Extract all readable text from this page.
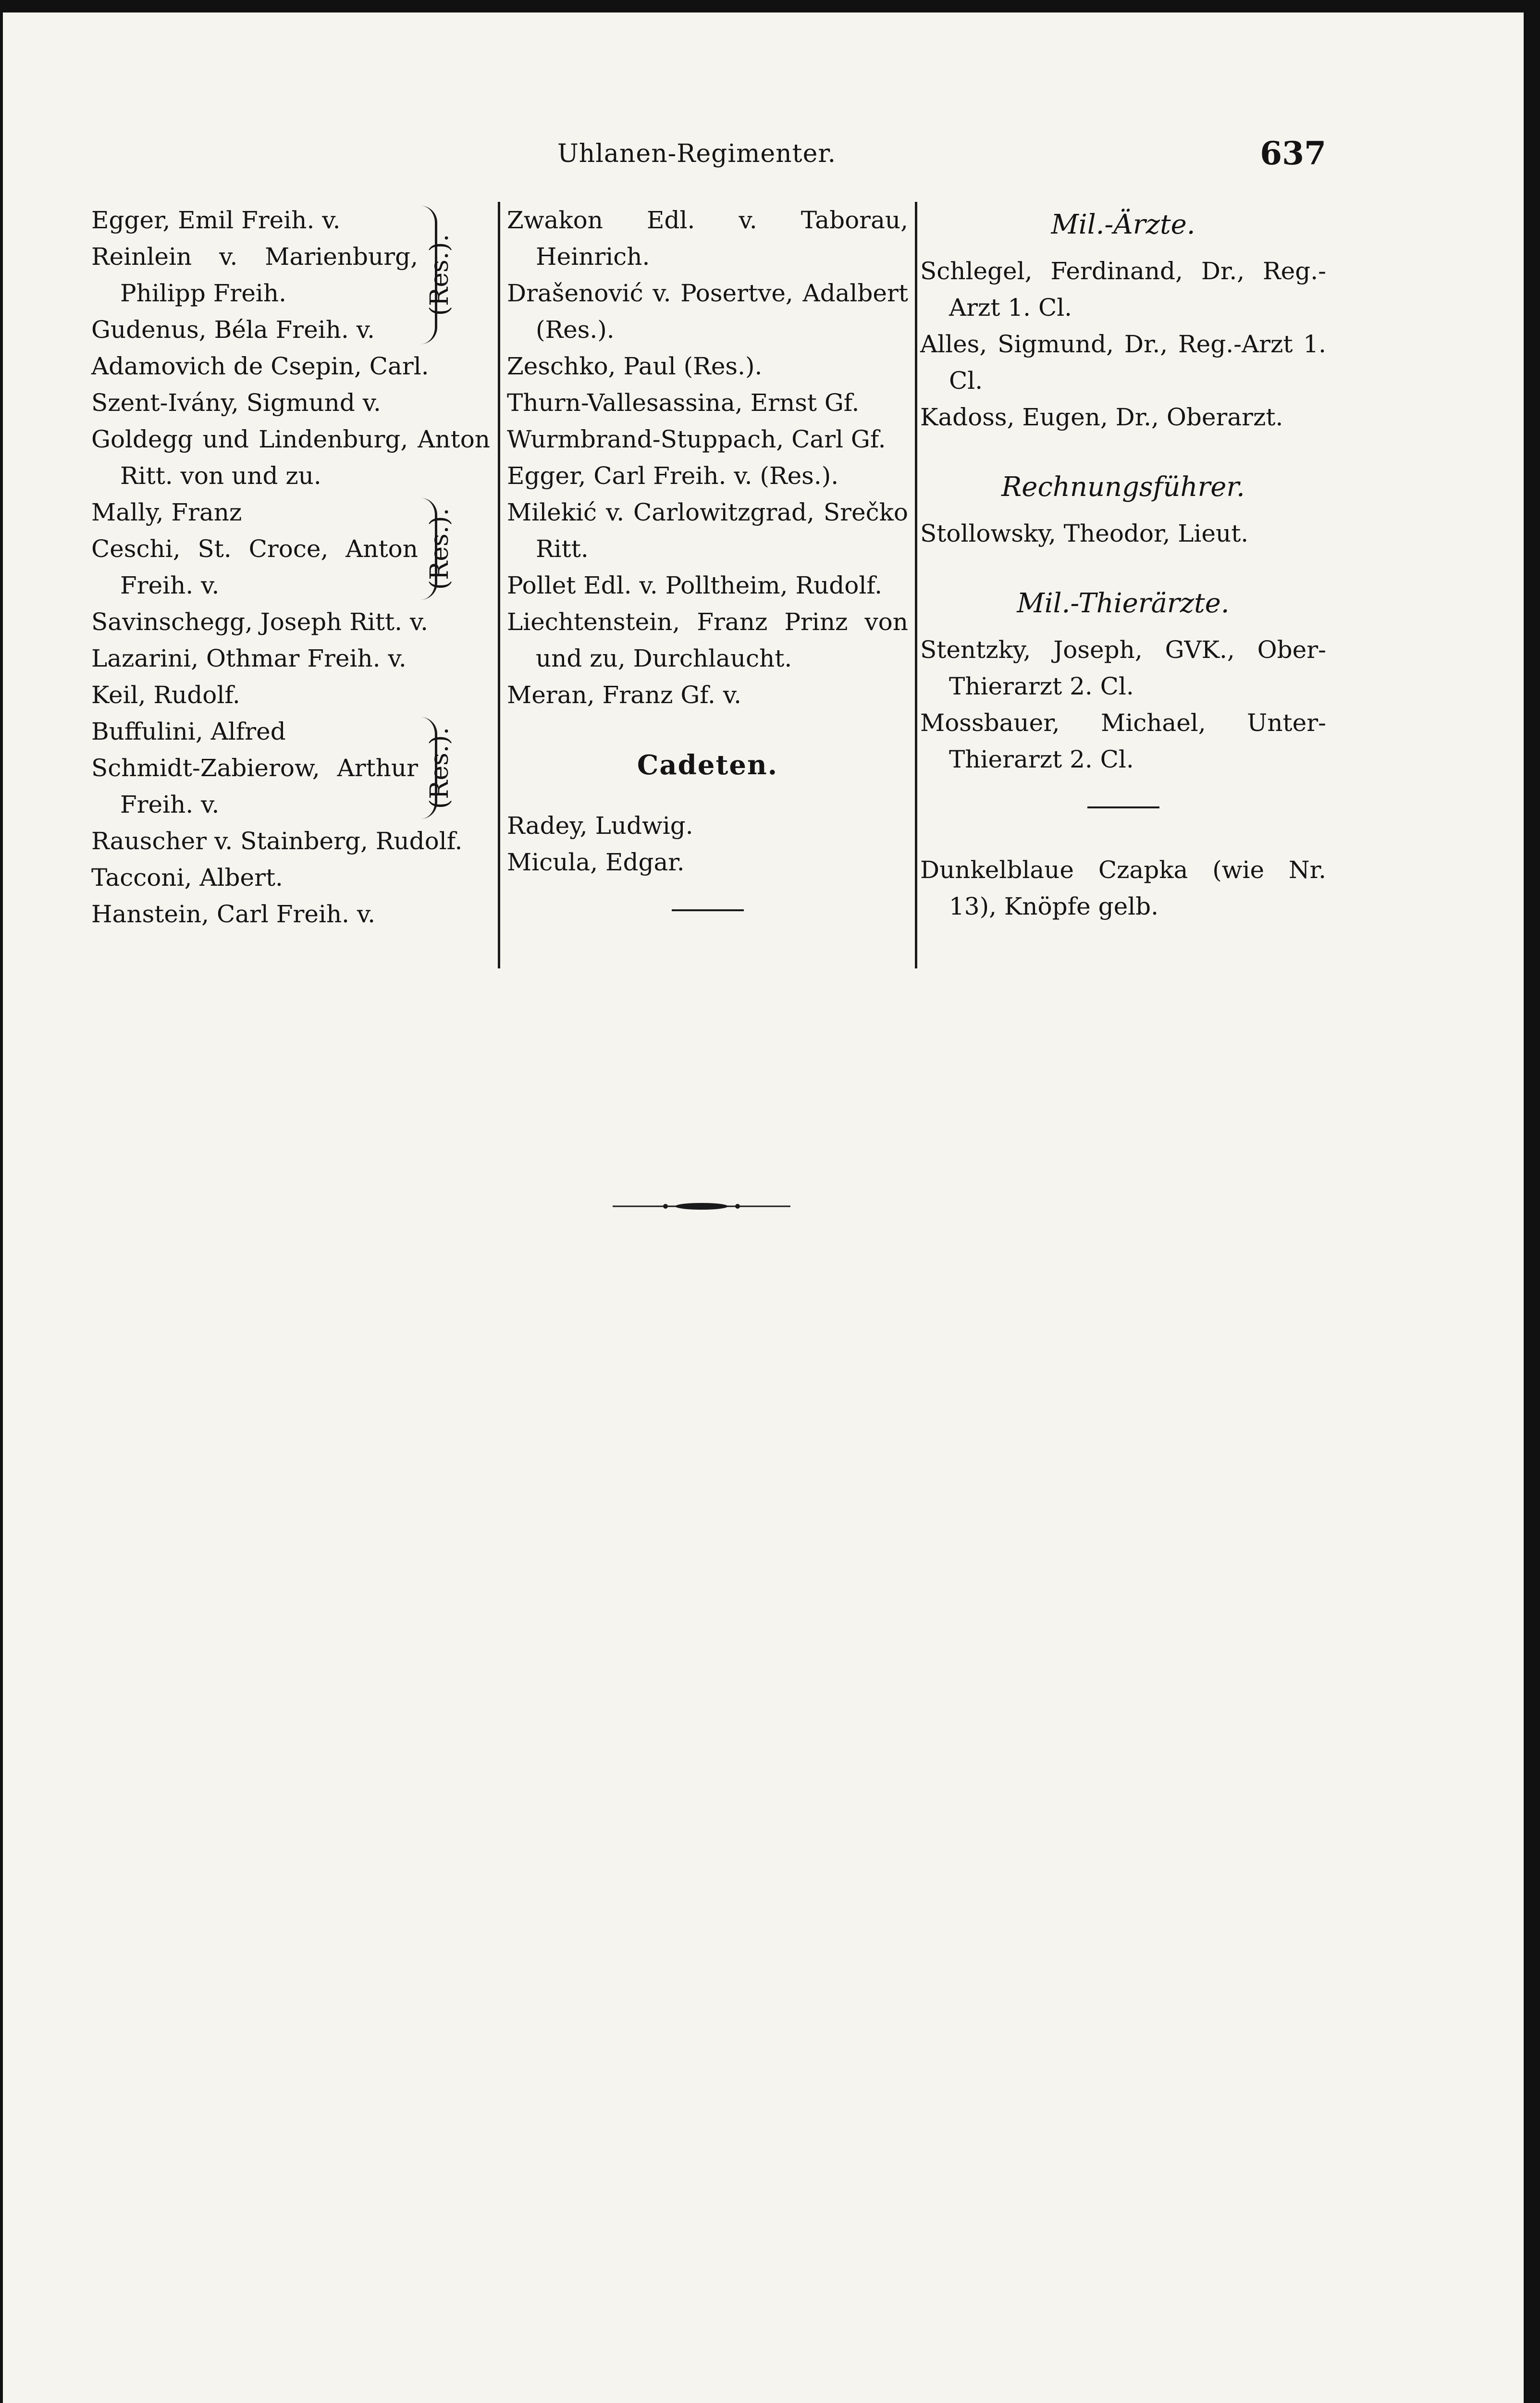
Uhlanen-Regimenter.	637
Egger, Emil Freih. v.
Reinlein v. Marienburg, Philipp Freih.
Gudenus, Béla Freih. v.
(Res.).
Adamovich de Csepin, Carl.
Szent-Ivány, Sigmund v.
Goldegg und Lindenburg, Anton Ritt. von und zu.
Mally, Franz
Ceschi, St. Croce, Anton Freih. v.	(Res.).
Savinschegg, Joseph Ritt. v.
Lazarini, Othmar Freih. v.
Keil, Rudolf.
Buffulini, Alfred
Schmidt-Zabierow, Arthur Freih. v.	(Res.).
Rauscher v. Stainberg, Rudolf.
Tacconi, Albert.
Hanstein, Carl Freih. v.
Zwakon Edl. v. Taborau, Heinrich.
Drašenović v. Posertve, Adalbert (Res.).
Zeschko, Paul (Res.).
Thurn-Vallesassina, Ernst Gf.
Wurmbrand-Stuppach, Carl Gf.
Egger, Carl Freih. v. (Res.).
Milekić v. Carlowitzgrad, Srečko Ritt.
Pollet Edl. v. Polltheim, Rudolf.
Liechtenstein, Franz Prinz von und zu, Durchlaucht.
Meran, Franz Gf. v.
Cadeten.
Radey, Ludwig.
Micula, Edgar.
Mil.-Ärzte.
Schlegel, Ferdinand, Dr., Reg.-Arzt 1. Cl.
Alles, Sigmund, Dr., Reg.-Arzt 1. Cl.
Kadoss, Eugen, Dr., Oberarzt.
Rechnungsführer.
Stollowsky, Theodor, Lieut.
Mil.-Thierärzte.
Stentzky, Joseph, GVK., Ober-Thierarzt 2. Cl.
Mossbauer, Michael, Unter-Thierarzt 2. Cl.
Dunkelblaue Czapka (wie Nr. 13), Knöpfe gelb.
